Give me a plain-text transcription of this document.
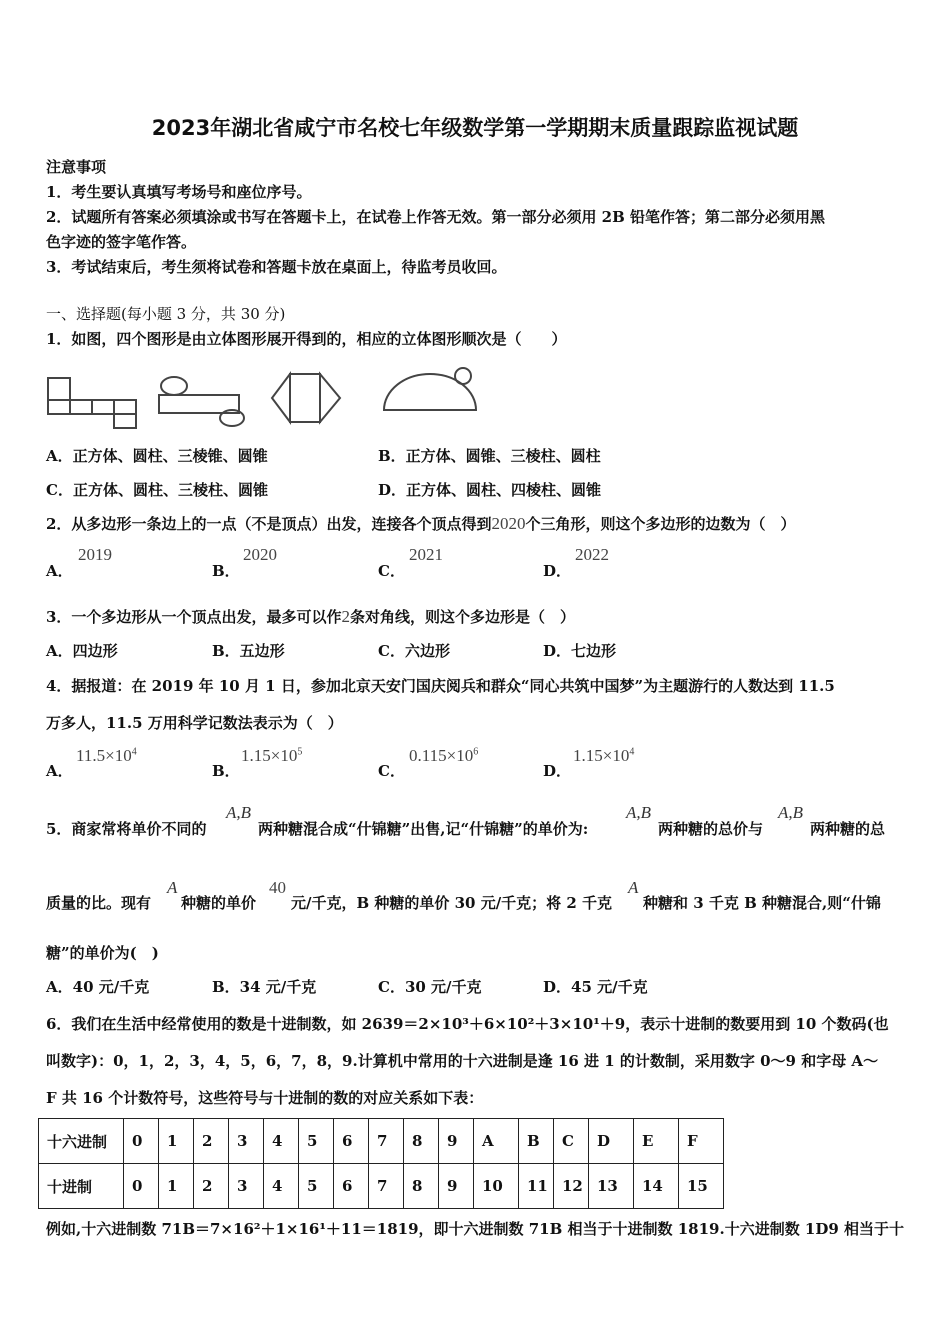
2023年湖北省咸宁市名校七年级数学第一学期期末质量跟踪监视试题
注意事项
1．考生要认真填写考场号和座位序号。
2．试题所有答案必须填涂或书写在答题卡上，在试卷上作答无效。第一部分必须用 2B 铅笔作答；第二部分必须用黑
色字迹的签字笔作答。
3．考试结束后，考生须将试卷和答题卡放在桌面上，待监考员收回。
一、选择题(每小题 3 分，共 30 分)
1．如图，四个图形是由立体图形展开得到的，相应的立体图形顺次是（　　）
A．正方体、圆柱、三棱锥、圆锥	B．正方体、圆锥、三棱柱、圆柱
C．正方体、圆柱、三棱柱、圆锥	D．正方体、圆柱、四棱柱、圆锥
2．从多边形一条边上的一点（不是顶点）出发，连接各个顶点得到2020个三角形，则这个多边形的边数为（　）
A．
2019
B．
2020
C．
2021
D．
2022
3．一个多边形从一个顶点出发，最多可以作2条对角线，则这个多边形是（　）
A．四边形	B．五边形	C．六边形	D．七边形
4．据报道：在 2019 年 10 月 1 日，参加北京天安门国庆阅兵和群众“同心共筑中国梦”为主题游行的人数达到 11.5
万多人，11.5 万用科学记数法表示为（　）
A．
$11.5\times 10^4$
B．
$1.15\times 10^5$
C．
$0.115\times 10^6$
D．
$1.15\times 10^4$
5．商家常将单价不同的
A,B
两种糖混合成“什锦糖”出售,记“什锦糖”的单价为:
A,B
两种糖的总价与
A,B
两种糖的总
质量的比。现有
A
种糖的单价
40
元/千克，B 种糖的单价 30 元/千克；将 2 千克
A
种糖和 3 千克 B 种糖混合,则“什锦
糖”的单价为(　)
A．40 元/千克	B．34 元/千克	C．30 元/千克	D．45 元/千克
6．我们在生活中经常使用的数是十进制数，如 2639＝2×10³＋6×10²＋3×10¹＋9，表示十进制的数要用到 10 个数码(也
叫数字)：0，1，2，3，4，5，6，7，8，9.计算机中常用的十六进制是逢 16 进 1 的计数制，采用数字 0～9 和字母 A～
F 共 16 个计数符号，这些符号与十进制的数的对应关系如下表：
十六进制	0	1	2	3	4	5	6	7	8	9	A	B	C	D	E	F
十进制	0	1	2	3	4	5	6	7	8	9	10	11	12	13	14	15
例如,十六进制数 71B＝7×16²＋1×16¹＋11＝1819，即十六进制数 71B 相当于十进制数 1819.十六进制数 1D9 相当于十
